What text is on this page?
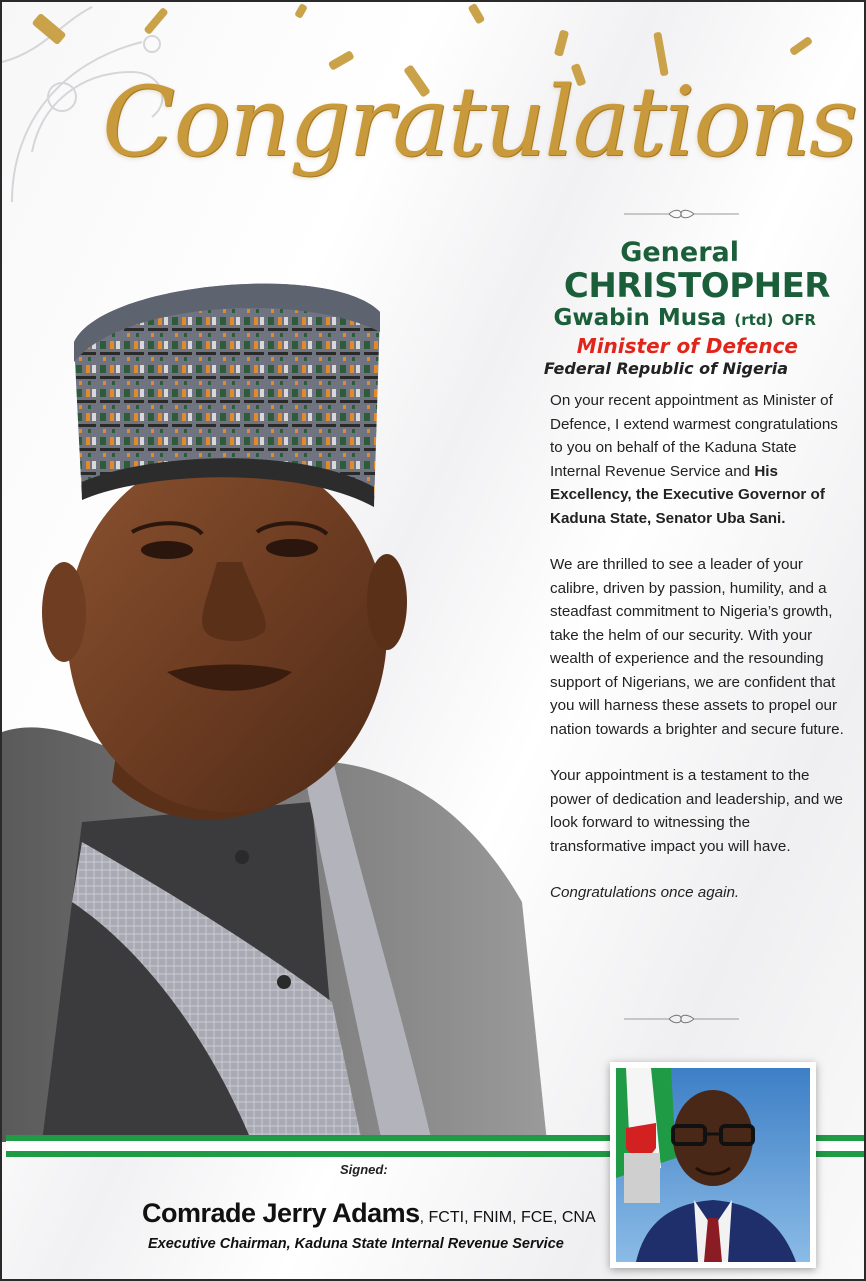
Congratulations
General
CHRISTOPHER
Gwabin Musa (rtd) OFR
Minister of Defence
Federal Republic of Nigeria

On your recent appointment as Minister of Defence, I extend warmest congratulations to you on behalf of the Kaduna State Internal Revenue Service and His Excellency, the Executive Governor of Kaduna State, Senator Uba Sani.

We are thrilled to see a leader of your calibre, driven by passion, humility, and a steadfast commitment to Nigeria’s growth, take the helm of our security. With your wealth of experience and the resounding support of Nigerians, we are confident that you will harness these assets to propel our nation towards a brighter and secure future.

Your appointment is a testament to the power of dedication and leadership, and we look forward to witnessing the transformative impact you will have.

Congratulations once again.

Signed:
Comrade Jerry Adams, FCTI, FNIM, FCE, CNA
Executive Chairman, Kaduna State Internal Revenue Service
